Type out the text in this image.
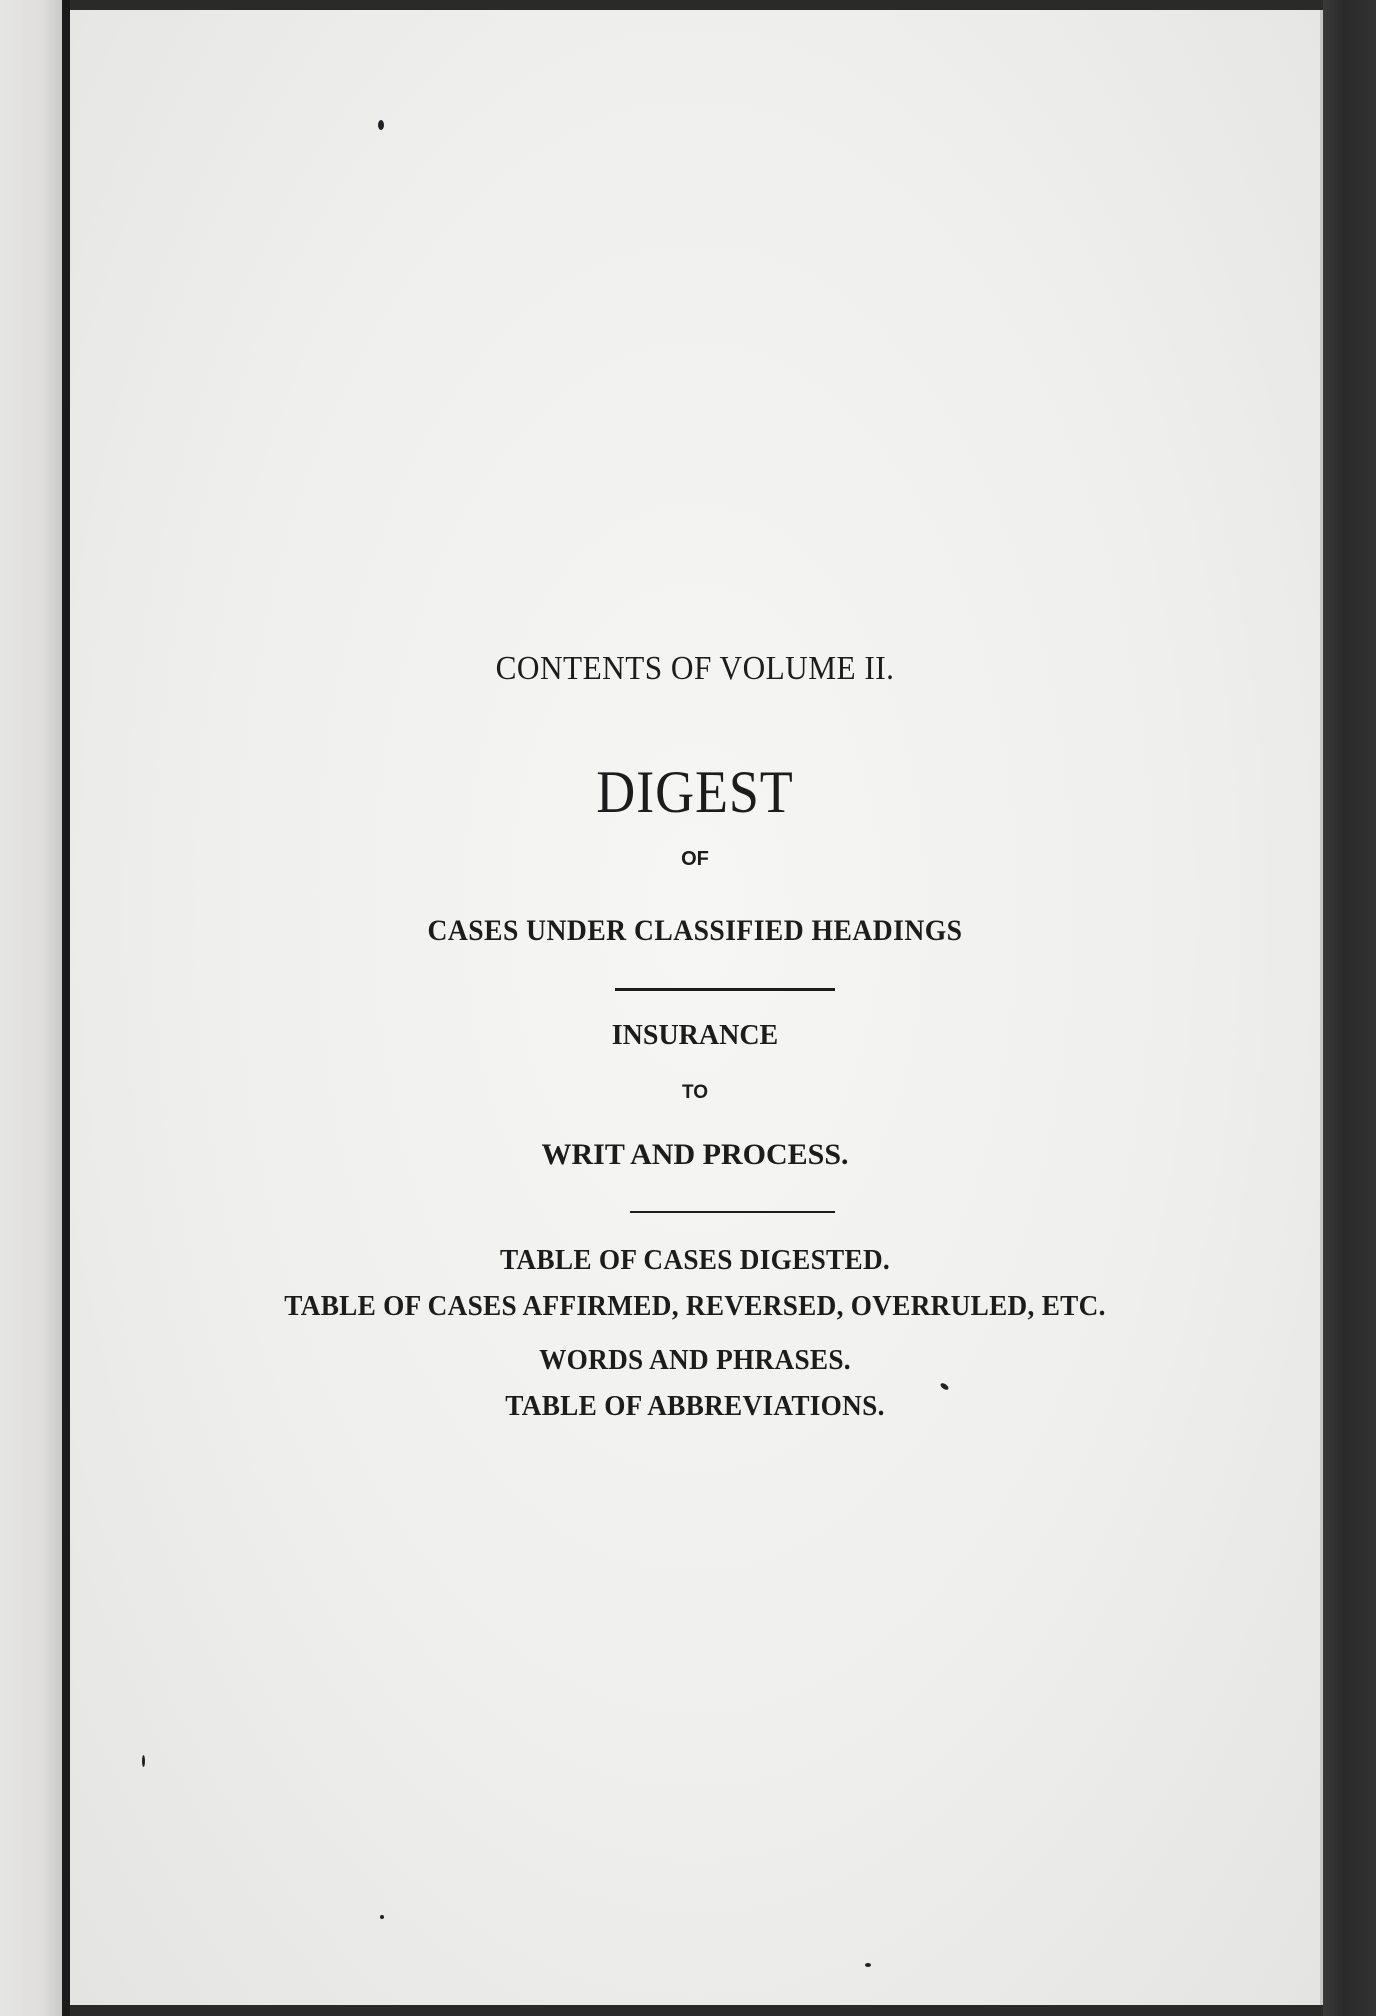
CONTENTS OF VOLUME II.
DIGEST
OF
CASES UNDER CLASSIFIED HEADINGS
INSURANCE
TO
WRIT AND PROCESS.
TABLE OF CASES DIGESTED.
TABLE OF CASES AFFIRMED, REVERSED, OVERRULED, ETC.
WORDS AND PHRASES.
TABLE OF ABBREVIATIONS.
